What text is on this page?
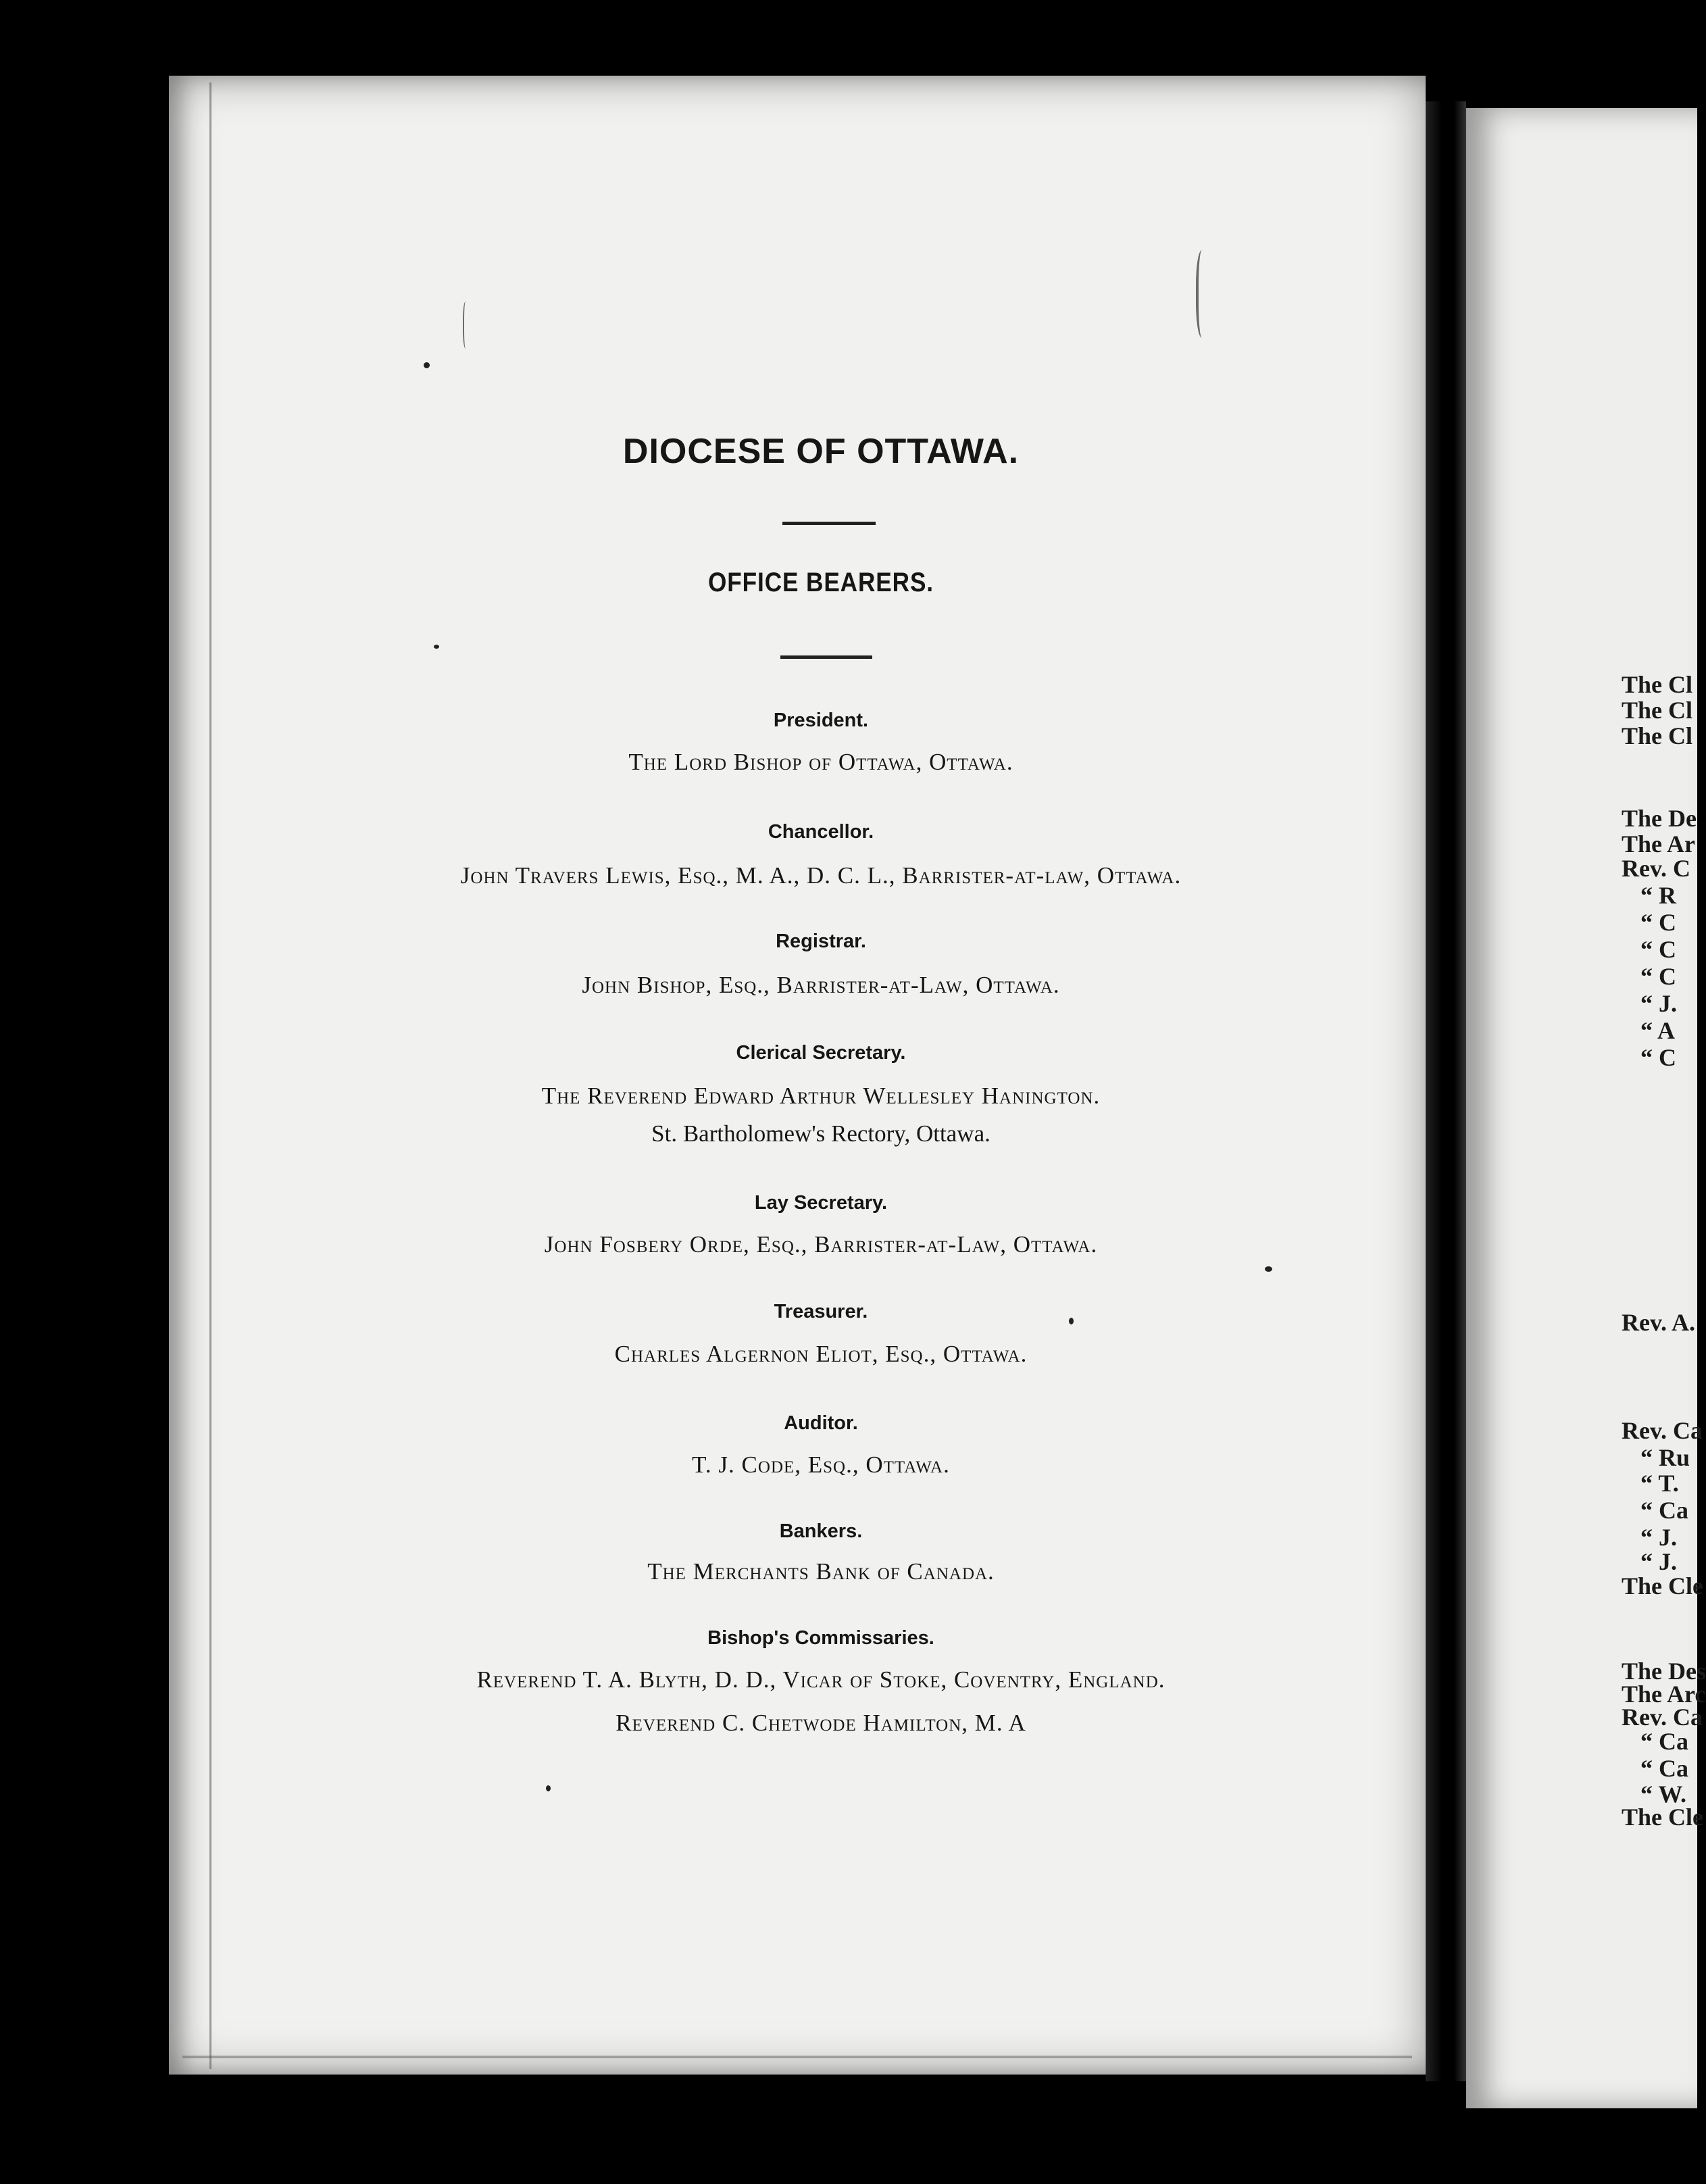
The Cl
The Cl
The Cl
The De
The Ar
Rev. C
“ R
“ C
“ C
“ C
“ J.
“ A
“ C
Rev. A.
Rev. Ca
“ Ru
“ T.
“ Ca
“ J.
“ J.
The Cle
The Des
The Arc
Rev. Ca
“ Ca
“ Ca
“ W.
The Cle
DIOCESE OF OTTAWA.
OFFICE BEARERS.
President.
The Lord Bishop of Ottawa, Ottawa.
Chancellor.
John Travers Lewis, Esq., M. A., D. C. L., Barrister-at-law, Ottawa.
Registrar.
John Bishop, Esq., Barrister-at-Law, Ottawa.
Clerical Secretary.
The Reverend Edward Arthur Wellesley Hanington.
St. Bartholomew's Rectory, Ottawa.
Lay Secretary.
John Fosbery Orde, Esq., Barrister-at-Law, Ottawa.
Treasurer.
Charles Algernon Eliot, Esq., Ottawa.
Auditor.
T. J. Code, Esq., Ottawa.
Bankers.
The Merchants Bank of Canada.
Bishop's Commissaries.
Reverend T. A. Blyth, D. D., Vicar of Stoke, Coventry, England.
Reverend C. Chetwode Hamilton, M. A
